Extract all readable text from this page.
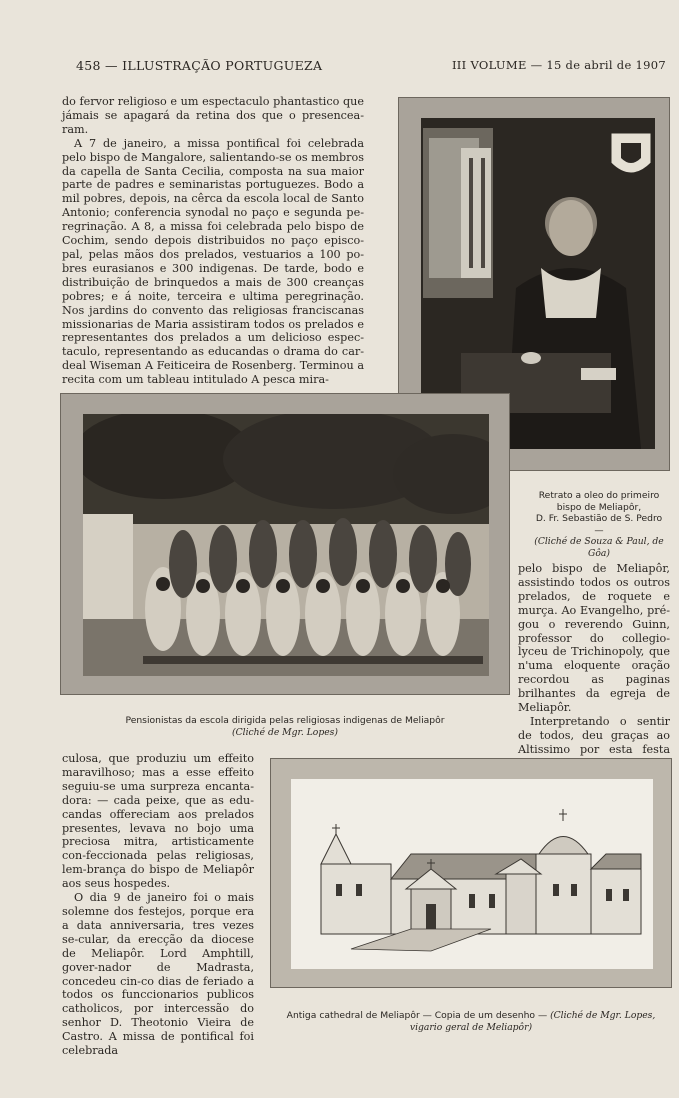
458 — ILLUSTRAÇÃO PORTUGUEZA	III VOLUME — 15 de abril de 1907

do fervor religioso e um espectaculo phantastico que jámais se apagará da retina dos que o presencea-ram.

A 7 de janeiro, a missa pontifical foi celebrada pelo bispo de Mangalore, salientando-se os membros da capella de Santa Cecilia, composta na sua maior parte de padres e seminaristas portuguezes. Bodo a mil pobres, depois, na cêrca da escola local de Santo Antonio; conferencia synodal no paço e segunda pe-regrinação. A 8, a missa foi celebrada pelo bispo de Cochim, sendo depois distribuidos no paço episco-pal, pelas mãos dos prelados, vestuarios a 100 po-bres eurasianos e 300 indigenas. De tarde, bodo e distribuição de brinquedos a mais de 300 creanças pobres; e á noite, terceira e ultima peregrinação. Nos jardins do convento das religiosas franciscanas missionarias de Maria assistiram todos os prelados e representantes dos prelados a um delicioso espec-taculo, representando as educandas o drama do car-deal Wiseman A Feiticeira de Rosenberg. Terminou a recita com um tableau intitulado A pesca mira-

Retrato a oleo do primeiro
bispo de Meliapôr,
D. Fr. Sebastião de S. Pedro —
(Cliché de Souza & Paul, de Gôa)
Pensionistas da escola dirigida pelas religiosas indigenas de Meliapôr
(Cliché de Mgr. Lopes)

pelo bispo de Meliapôr, assistindo todos os outros prelados, de roquete e murça. Ao Evangelho, pré-gou o reverendo Guinn, professor do collegio-lyceu de Trichinopoly, que n'uma eloquente oração recordou as paginas brilhantes da egreja de Meliapôr.

Interpretando o sentir de todos, deu graças ao Altissimo por esta festa

culosa, que produziu um effeito maravilhoso; mas a esse effeito seguiu-se uma surpreza encanta-dora: — cada peixe, que as edu-candas offereciam aos prelados presentes, levava no bojo uma preciosa mitra, artisticamente con-feccionada pelas religiosas, lem-brança do bispo de Meliapôr aos seus hospedes.

O dia 9 de janeiro foi o mais solemne dos festejos, porque era a data anniversaria, tres vezes se-cular, da erecção da diocese de Meliapôr. Lord Amphtill, gover-nador de Madrasta, concedeu cin-co dias de feriado a todos os funccionarios publicos catholicos, por intercessão do senhor D. Theotonio Vieira de Castro. A missa de pontifical foi celebrada

Antiga cathedral de Meliapôr — Copia de um desenho — (Cliché de Mgr. Lopes,
vigario geral de Meliapôr)
